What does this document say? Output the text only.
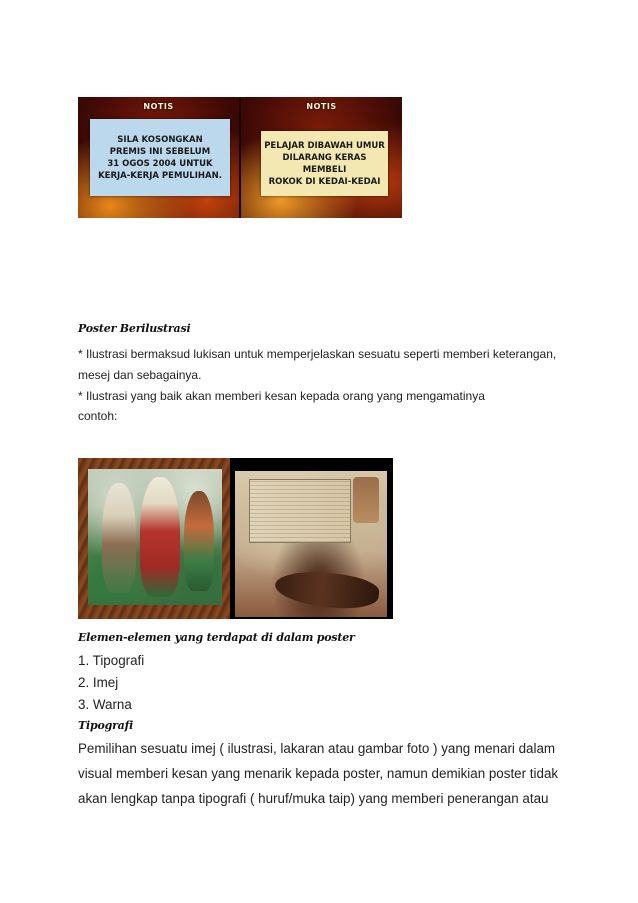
NOTIS
SILA KOSONGKAN
PREMIS INI SEBELUM
31 OGOS 2004 UNTUK
KERJA-KERJA PEMULIHAN.
NOTIS
PELAJAR DIBAWAH UMUR
DILARANG KERAS MEMBELI
ROKOK DI KEDAI-KEDAI
Poster Berilustrasi
* Ilustrasi bermaksud lukisan untuk memperjelaskan sesuatu seperti memberi keterangan,
mesej dan sebagainya.
* Ilustrasi yang baik akan memberi kesan kepada orang yang mengamatinya
contoh:
Elemen-elemen yang terdapat di dalam poster
1. Tipografi
2. Imej
3. Warna
Tipografi
Pemilihan sesuatu imej ( ilustrasi, lakaran atau gambar foto ) yang menari dalam
visual memberi kesan yang menarik kepada poster, namun demikian poster tidak
akan lengkap tanpa tipografi ( huruf/muka taip) yang memberi penerangan atau
